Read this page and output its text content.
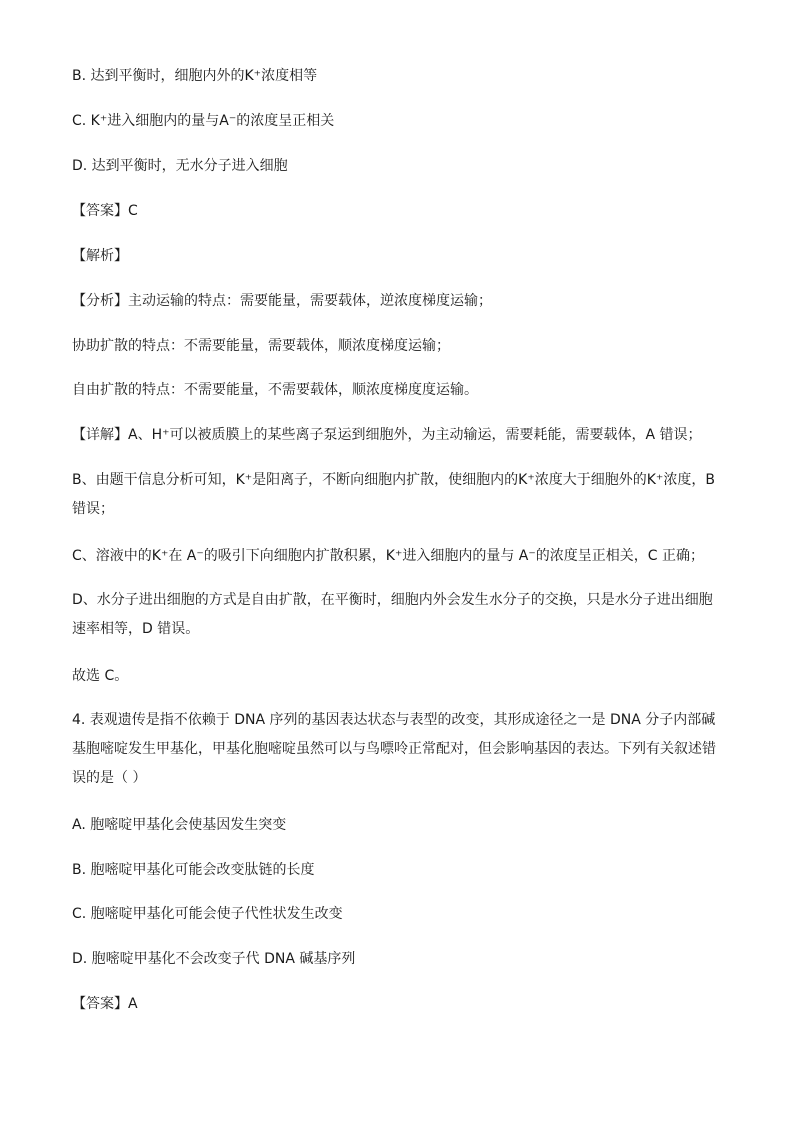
B. 达到平衡时，细胞内外的K⁺浓度相等
C. K⁺进入细胞内的量与A⁻的浓度呈正相关
D. 达到平衡时，无水分子进入细胞
【答案】C
【解析】
【分析】主动运输的特点：需要能量，需要载体，逆浓度梯度运输；
协助扩散的特点：不需要能量，需要载体，顺浓度梯度运输；
自由扩散的特点：不需要能量，不需要载体，顺浓度梯度度运输。
【详解】A、H⁺可以被质膜上的某些离子泵运到细胞外，为主动输运，需要耗能，需要载体，A 错误；
B、由题干信息分析可知，K⁺是阳离子，不断向细胞内扩散，使细胞内的K⁺浓度大于细胞外的K⁺浓度，B 错误；
C、溶液中的K⁺在 A⁻的吸引下向细胞内扩散积累，K⁺进入细胞内的量与 A⁻的浓度呈正相关，C 正确；
D、水分子进出细胞的方式是自由扩散，在平衡时，细胞内外会发生水分子的交换，只是水分子进出细胞速率相等，D 错误。
故选 C。
4. 表观遗传是指不依赖于 DNA 序列的基因表达状态与表型的改变，其形成途径之一是 DNA 分子内部碱基胞嘧啶发生甲基化，甲基化胞嘧啶虽然可以与鸟嘌呤正常配对，但会影响基因的表达。下列有关叙述错误的是（ ）
A. 胞嘧啶甲基化会使基因发生突变
B. 胞嘧啶甲基化可能会改变肽链的长度
C. 胞嘧啶甲基化可能会使子代性状发生改变
D. 胞嘧啶甲基化不会改变子代 DNA 碱基序列
【答案】A
